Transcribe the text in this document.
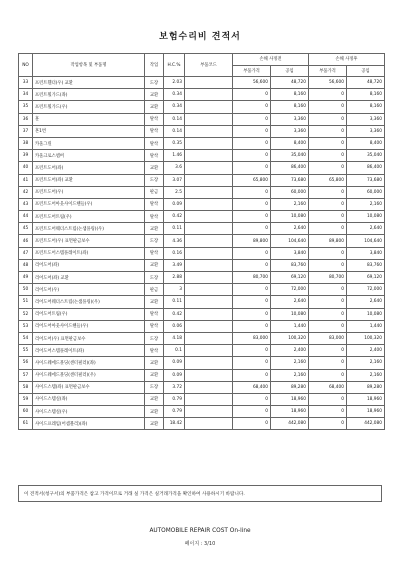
보험수리비 견적서
NO	작업항목 및 부품명	작업	H.C.%	부품코드	손해 사정전		손해 사정후	
					부품가격	공임	부품가격	공임
33	프런트휀더(우) 교환	도장	2.03		56,600	48,720	56,600	48,720
34	프런트휠가드(좌)	교환	0.34		0	8,160	0	8,160
35	프런트휠가드(우)	교환	0.34		0	8,160	0	8,160
36	훈	탈착	0.14		0	3,360	0	3,360
37	혼1번	탈착	0.14		0	3,360	0	3,360
38	카울그릴	탈착	0.35		0	8,400	0	8,400
39	카울크로스멤버	탈착	1.46		0	35,040	0	35,040
40	프런트도어(좌)	교환	3.6		0	86,400	0	86,400
41	프런트도어(좌) 교환	도장	3.07		65,800	73,680	65,800	73,680
42	프런트도어(우)	판금	2.5		0	60,000	0	60,000
43	프런트도어아웃사이드핸들(우)	탈착	0.09		0	2,160	0	2,160
44	프런트도어트림(우)	탈착	0.42		0	10,080	0	10,080
45	프런트도어웨더스트립(논샘플링)(우)	교환	0.11		0	2,640	0	2,640
46	프런트도어(우) 표면판금보수	도장	4.36		89,800	104,640	89,800	104,640
47	프런트도어스텝플레이트(좌)	탈착	0.16		0	3,840	0	3,840
48	리어도어(좌)	교환	3.49		0	83,760	0	83,760
49	리어도어(좌) 교환	도장	2.88		80,700	69,120	80,700	69,120
50	리어도어(우)	판금	3		0	72,000	0	72,000
51	리어도어웨더스트립(논샘플링)(우)	교환	0.11		0	2,640	0	2,640
52	리어도어트림(우)	탈착	0.42		0	10,080	0	10,080
53	리어도어아웃사이드핸들(우)	탈착	0.06		0	1,440	0	1,440
54	리어도어(우) 표면판금보수	도장	4.18		83,000	100,320	83,000	100,320
55	리어도어스텝플레이트(좌)	탈착	0.1		0	2,400	0	2,400
56	사이드웨에드몰딩(센터필러)(좌)	교환	0.09		0	2,160	0	2,160
57	사이드웨에드몰딩(센터필러)(우)	교환	0.09		0	2,160	0	2,160
58	사이드스텝(좌) 표면판금보수	도장	3.72		68,400	89,280	68,400	89,280
59	사이드스텝실(좌)	교환	0.79		0	18,960	0	18,960
60	사이드스텝실(우)	교환	0.79		0	18,960	0	18,960
61	사이드프레임(어셈블리)(좌)	교환	18.42		0	442,080	0	442,080
이 견적서(청구서)의 부품가격은 참고 가격이므로 거래 실 가격은 실거래가격을 확인하여 사용하시기 바랍니다.
AUTOMOBILE REPAIR COST On-line
페이지 : 3/10
